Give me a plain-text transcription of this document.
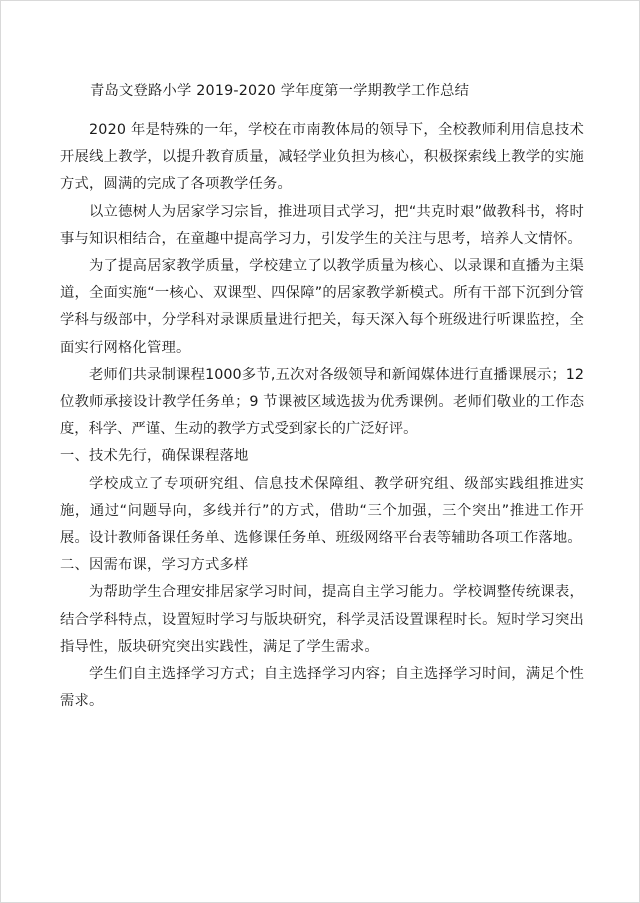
青岛文登路小学 2019-2020 学年度第一学期教学工作总结

2020 年是特殊的一年，学校在市南教体局的领导下，全校教师利用信息技术开展线上教学，以提升教育质量，减轻学业负担为核心，积极探索线上教学的实施方式，圆满的完成了各项教学任务。

以立德树人为居家学习宗旨，推进项目式学习，把“共克时艰”做教科书，将时事与知识相结合，在童趣中提高学习力，引发学生的关注与思考，培养人文情怀。

为了提高居家教学质量，学校建立了以教学质量为核心、以录课和直播为主渠道，全面实施“一核心、双课型、四保障”的居家教学新模式。所有干部下沉到分管学科与级部中，分学科对录课质量进行把关，每天深入每个班级进行听课监控，全面实行网格化管理。

老师们共录制课程1000多节,五次对各级领导和新闻媒体进行直播课展示；12 位教师承接设计教学任务单；9 节课被区域选拔为优秀课例。老师们敬业的工作态度，科学、严谨、生动的教学方式受到家长的广泛好评。

一、技术先行，确保课程落地

学校成立了专项研究组、信息技术保障组、教学研究组、级部实践组推进实施，通过“问题导向，多线并行”的方式，借助“三个加强，三个突出”推进工作开展。设计教师备课任务单、选修课任务单、班级网络平台表等辅助各项工作落地。

二、因需布课，学习方式多样

为帮助学生合理安排居家学习时间，提高自主学习能力。学校调整传统课表，结合学科特点，设置短时学习与版块研究，科学灵活设置课程时长。短时学习突出指导性，版块研究突出实践性，满足了学生需求。

学生们自主选择学习方式；自主选择学习内容；自主选择学习时间，满足个性需求。
